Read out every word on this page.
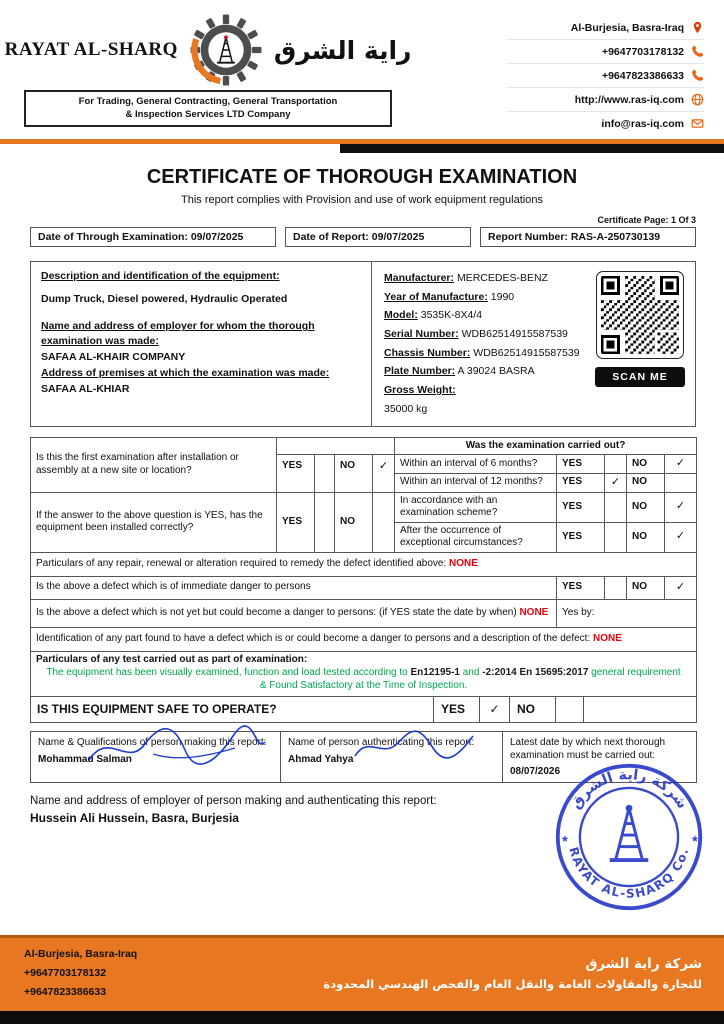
RAYAT AL-SHARQ	راية الشرق
For Trading, General Contracting, General Transportation
& Inspection Services LTD Company
Al-Burjesia, Basra-Iraq
+9647703178132
+9647823386633
http://www.ras-iq.com
info@ras-iq.com
CERTIFICATE OF THOROUGH EXAMINATION
This report complies with Provision and use of work equipment regulations
Certificate Page: 1 Of 3
Date of Through Examination: 09/07/2025	Date of Report: 09/07/2025	Report Number: RAS-A-250730139
Description and identification of the equipment:
Dump Truck, Diesel powered, Hydraulic Operated
Name and address of employer for whom the thorough examination was made:
SAFAA AL-KHAIR COMPANY
Address of premises at which the examination was made:
SAFAA AL-KHIAR
Manufacturer: MERCEDES-BENZ
Year of Manufacture: 1990
Model: 3535K-8X4/4
Serial Number: WDB62514915587539
Chassis Number: WDB62514915587539
Plate Number: A 39024 BASRA
Gross Weight:
35000 kg
SCAN ME
Is this the first examination after installation or assembly at a new site or location?					Was the examination carried out?				
	YES		NO	✓	Within an interval of 6 months?	YES		NO	✓
					Within an interval of 12 months?	YES	✓	NO	
If the answer to the above question is YES, has the equipment been installed correctly?	YES		NO		In accordance with an examination scheme?	YES		NO	✓
					After the occurrence of exceptional circumstances?	YES		NO	✓
Particulars of any repair, renewal or alteration required to remedy the defect identified above: NONE									
Is the above a defect which is of immediate danger to persons						YES		NO	✓
Is the above a defect which is not yet but could become a danger to persons: (if YES state the date by when) NONE						Yes by:			
Identification of any part found to have a defect which is or could become a danger to persons and a description of the defect: NONE									

Particulars of any test carried out as part of examination:
The equipment has been visually examined, function and load tested according to En12195-1 and -2:2014 En 15695:2017 general requirement & Found Satisfactory at the Time of Inspection.									

IS THIS EQUIPMENT SAFE TO OPERATE? YES ✓ NO									
Name & Qualifications of person making this report:
Mohammad Salman
	Name of person authenticating this report:
Ahmad Yahya
	Latest date by which next thorough examination must be carried out:
08/07/2026
Name and address of employer of person making and authenticating this report:
Hussein Ali Hussein, Basra, Burjesia
شركة راية الشرق
RAYAT AL-SHARQ Co.
★	★
Al-Burjesia, Basra-Iraq
+9647703178132
+9647823386633
شركة راية الشرق
للتجارة والمقاولات العامة والنقل العام والفحص الهندسي المحدودة
